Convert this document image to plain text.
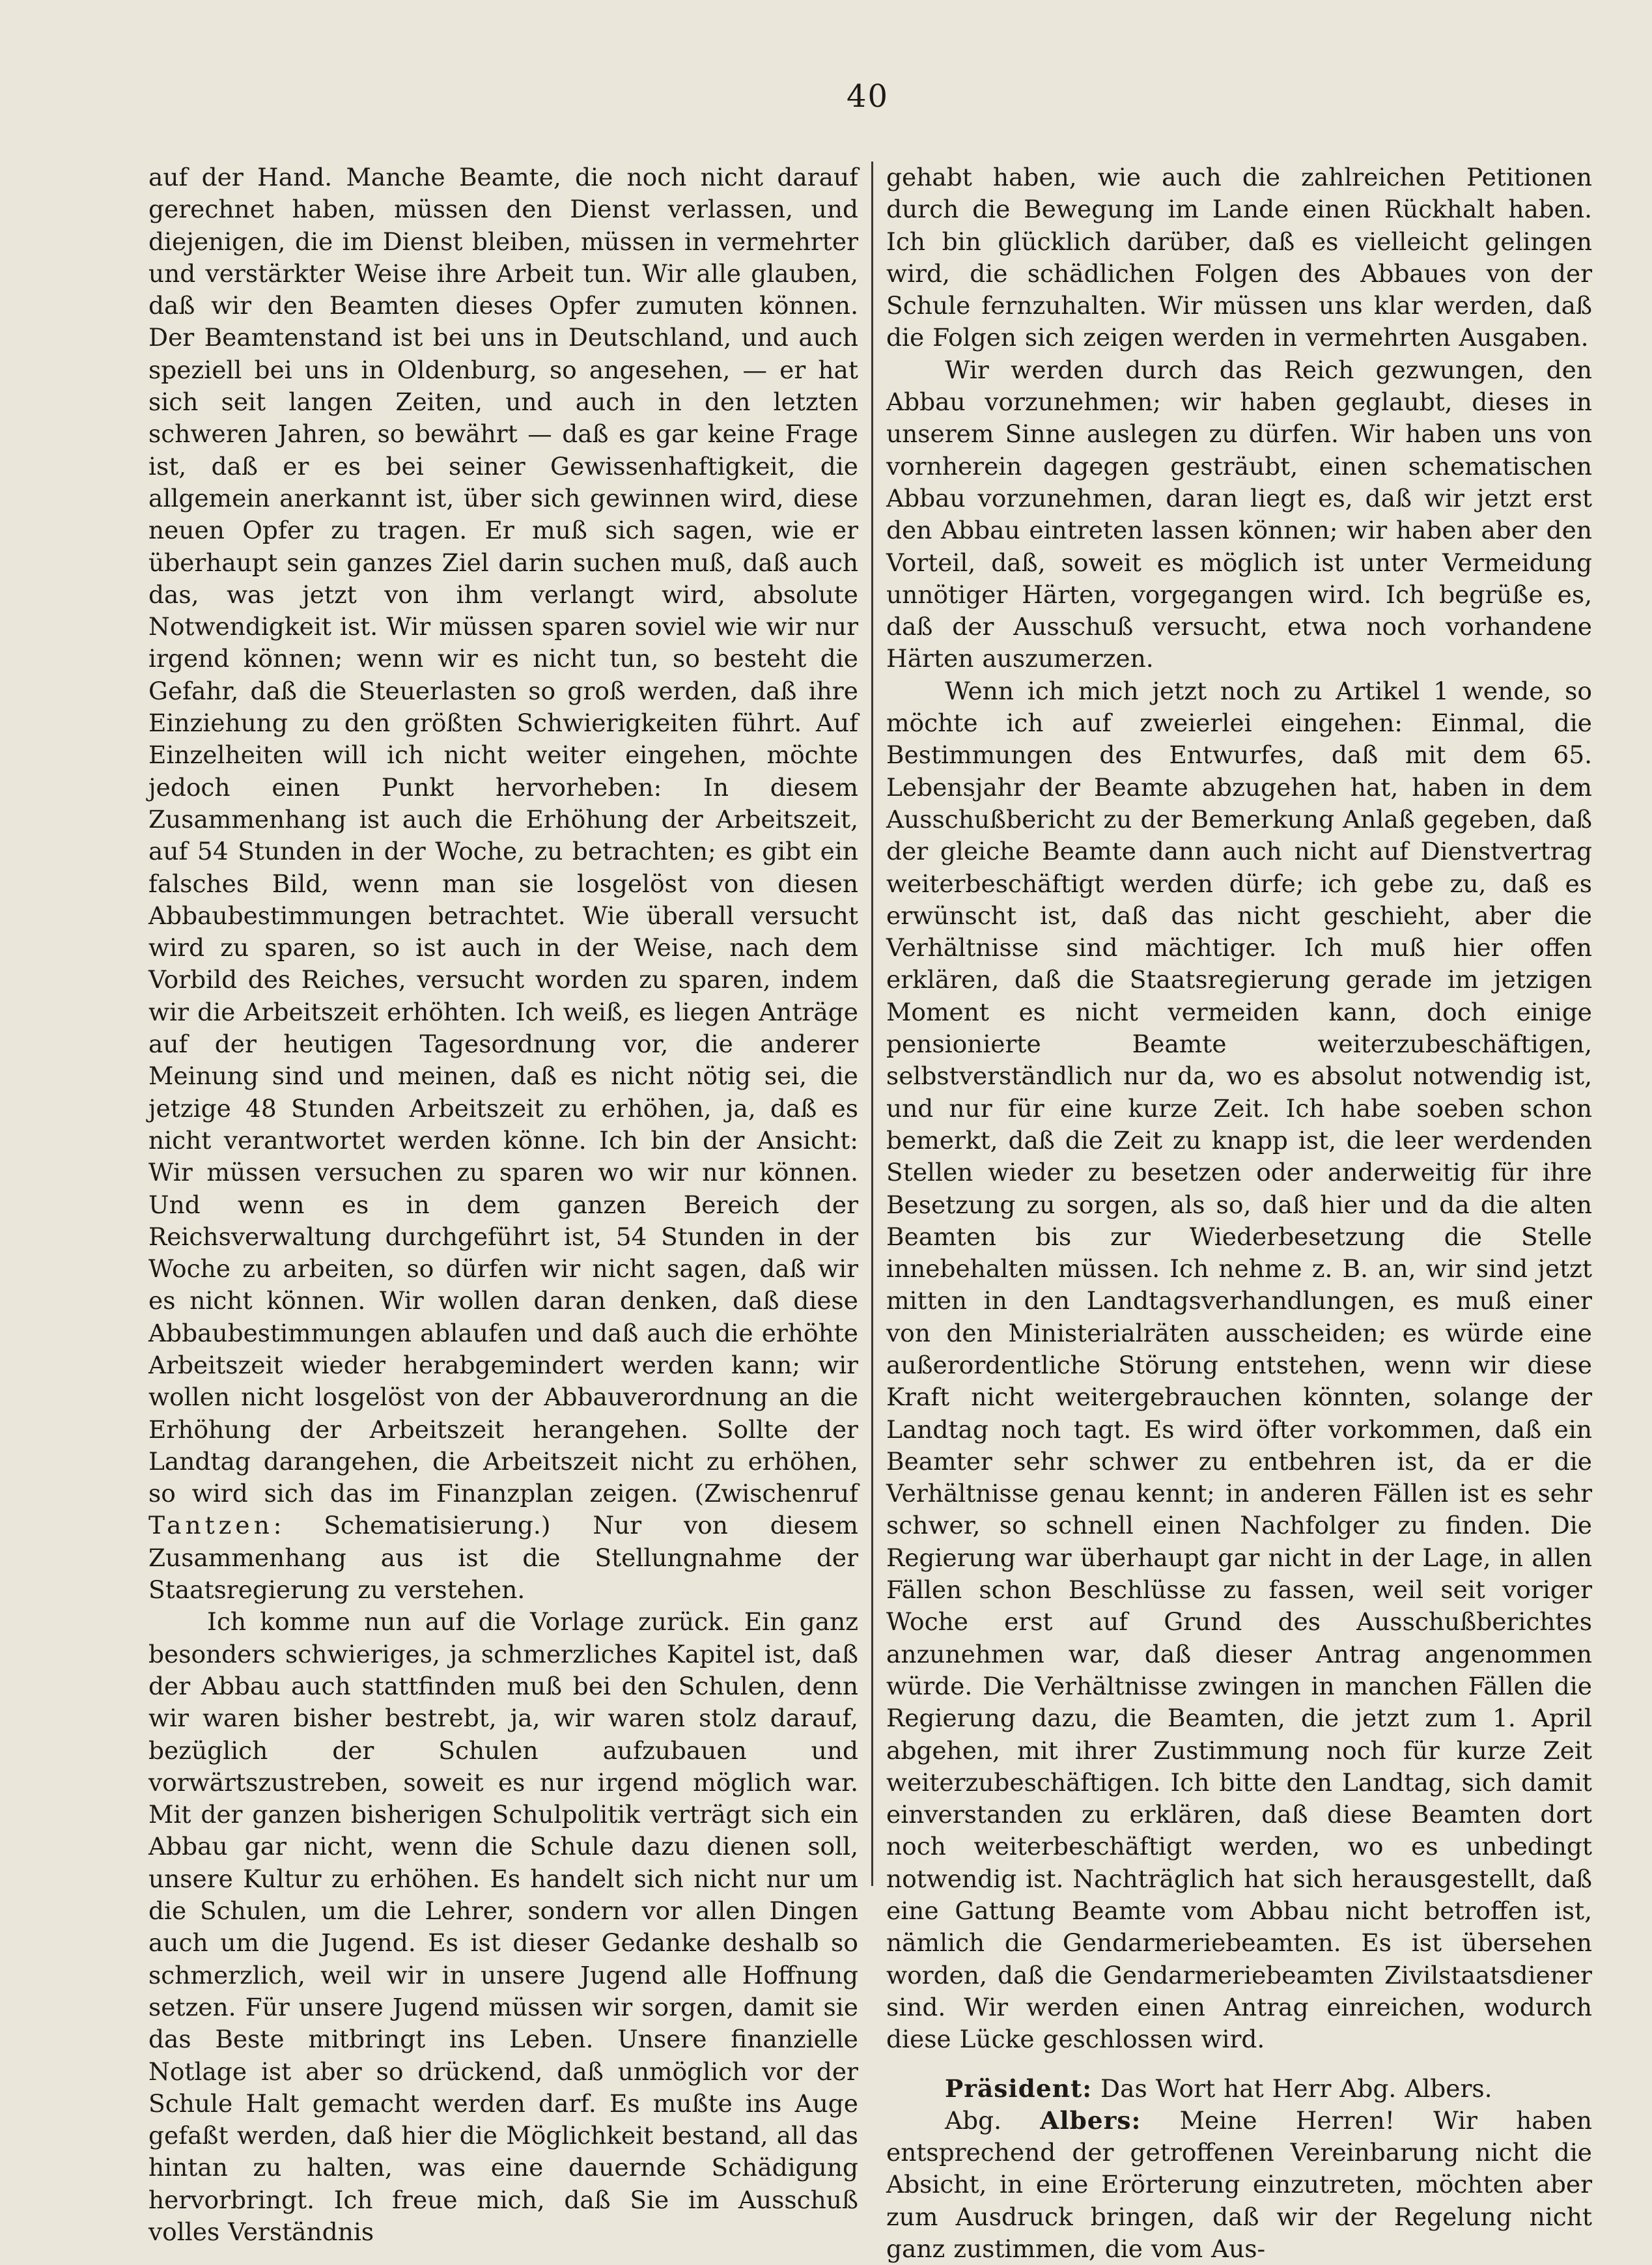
40

auf der Hand. Manche Beamte, die noch nicht darauf gerechnet haben, müssen den Dienst verlassen, und diejenigen, die im Dienst bleiben, müssen in vermehrter und verstärkter Weise ihre Arbeit tun. Wir alle glauben, daß wir den Beamten dieses Opfer zumuten können. Der Beamtenstand ist bei uns in Deutschland, und auch speziell bei uns in Oldenburg, so angesehen, — er hat sich seit langen Zeiten, und auch in den letzten schweren Jahren, so bewährt — daß es gar keine Frage ist, daß er es bei seiner Gewissenhaftigkeit, die allgemein anerkannt ist, über sich gewinnen wird, diese neuen Opfer zu tragen. Er muß sich sagen, wie er überhaupt sein ganzes Ziel darin suchen muß, daß auch das, was jetzt von ihm verlangt wird, absolute Notwendigkeit ist. Wir müssen sparen soviel wie wir nur irgend können; wenn wir es nicht tun, so besteht die Gefahr, daß die Steuerlasten so groß werden, daß ihre Einziehung zu den größten Schwierigkeiten führt. Auf Einzelheiten will ich nicht weiter eingehen, möchte jedoch einen Punkt hervorheben: In diesem Zusammenhang ist auch die Erhöhung der Arbeitszeit, auf 54 Stunden in der Woche, zu betrachten; es gibt ein falsches Bild, wenn man sie losgelöst von diesen Abbaubestimmungen betrachtet. Wie überall versucht wird zu sparen, so ist auch in der Weise, nach dem Vorbild des Reiches, versucht worden zu sparen, indem wir die Arbeitszeit erhöhten. Ich weiß, es liegen Anträge auf der heutigen Tagesordnung vor, die anderer Meinung sind und meinen, daß es nicht nötig sei, die jetzige 48 Stunden Arbeitszeit zu erhöhen, ja, daß es nicht verantwortet werden könne. Ich bin der Ansicht: Wir müssen versuchen zu sparen wo wir nur können. Und wenn es in dem ganzen Bereich der Reichsverwaltung durchgeführt ist, 54 Stunden in der Woche zu arbeiten, so dürfen wir nicht sagen, daß wir es nicht können. Wir wollen daran denken, daß diese Abbaubestimmungen ablaufen und daß auch die erhöhte Arbeitszeit wieder herabgemindert werden kann; wir wollen nicht losgelöst von der Abbauverordnung an die Erhöhung der Arbeitszeit herangehen. Sollte der Landtag darangehen, die Arbeitszeit nicht zu erhöhen, so wird sich das im Finanzplan zeigen. (Zwischenruf Tantzen: Schematisierung.) Nur von diesem Zusammenhang aus ist die Stellungnahme der Staatsregierung zu verstehen.

Ich komme nun auf die Vorlage zurück. Ein ganz besonders schwieriges, ja schmerzliches Kapitel ist, daß der Abbau auch stattfinden muß bei den Schulen, denn wir waren bisher bestrebt, ja, wir waren stolz darauf, bezüglich der Schulen aufzubauen und vorwärtszustreben, soweit es nur irgend möglich war. Mit der ganzen bisherigen Schulpolitik verträgt sich ein Abbau gar nicht, wenn die Schule dazu dienen soll, unsere Kultur zu erhöhen. Es handelt sich nicht nur um die Schulen, um die Lehrer, sondern vor allen Dingen auch um die Jugend. Es ist dieser Gedanke deshalb so schmerzlich, weil wir in unsere Jugend alle Hoffnung setzen. Für unsere Jugend müssen wir sorgen, damit sie das Beste mitbringt ins Leben. Unsere finanzielle Notlage ist aber so drückend, daß unmöglich vor der Schule Halt gemacht werden darf. Es mußte ins Auge gefaßt werden, daß hier die Möglichkeit bestand, all das hintan zu halten, was eine dauernde Schädigung hervorbringt. Ich freue mich, daß Sie im Ausschuß volles Verständnis

gehabt haben, wie auch die zahlreichen Petitionen durch die Bewegung im Lande einen Rückhalt haben. Ich bin glücklich darüber, daß es vielleicht gelingen wird, die schädlichen Folgen des Abbaues von der Schule fernzuhalten. Wir müssen uns klar werden, daß die Folgen sich zeigen werden in vermehrten Ausgaben.

Wir werden durch das Reich gezwungen, den Abbau vorzunehmen; wir haben geglaubt, dieses in unserem Sinne auslegen zu dürfen. Wir haben uns von vornherein dagegen gesträubt, einen schematischen Abbau vorzunehmen, daran liegt es, daß wir jetzt erst den Abbau eintreten lassen können; wir haben aber den Vorteil, daß, soweit es möglich ist unter Vermeidung unnötiger Härten, vorgegangen wird. Ich begrüße es, daß der Ausschuß versucht, etwa noch vorhandene Härten auszumerzen.

Wenn ich mich jetzt noch zu Artikel 1 wende, so möchte ich auf zweierlei eingehen: Einmal, die Bestimmungen des Entwurfes, daß mit dem 65. Lebensjahr der Beamte abzugehen hat, haben in dem Ausschußbericht zu der Bemerkung Anlaß gegeben, daß der gleiche Beamte dann auch nicht auf Dienstvertrag weiterbeschäftigt werden dürfe; ich gebe zu, daß es erwünscht ist, daß das nicht geschieht, aber die Verhältnisse sind mächtiger. Ich muß hier offen erklären, daß die Staatsregierung gerade im jetzigen Moment es nicht vermeiden kann, doch einige pensionierte Beamte weiterzubeschäftigen, selbstverständlich nur da, wo es absolut notwendig ist, und nur für eine kurze Zeit. Ich habe soeben schon bemerkt, daß die Zeit zu knapp ist, die leer werdenden Stellen wieder zu besetzen oder anderweitig für ihre Besetzung zu sorgen, als so, daß hier und da die alten Beamten bis zur Wiederbesetzung die Stelle innebehalten müssen. Ich nehme z. B. an, wir sind jetzt mitten in den Landtagsverhandlungen, es muß einer von den Ministerialräten ausscheiden; es würde eine außerordentliche Störung entstehen, wenn wir diese Kraft nicht weitergebrauchen könnten, solange der Landtag noch tagt. Es wird öfter vorkommen, daß ein Beamter sehr schwer zu entbehren ist, da er die Verhältnisse genau kennt; in anderen Fällen ist es sehr schwer, so schnell einen Nachfolger zu finden. Die Regierung war überhaupt gar nicht in der Lage, in allen Fällen schon Beschlüsse zu fassen, weil seit voriger Woche erst auf Grund des Ausschußberichtes anzunehmen war, daß dieser Antrag angenommen würde. Die Verhältnisse zwingen in manchen Fällen die Regierung dazu, die Beamten, die jetzt zum 1. April abgehen, mit ihrer Zustimmung noch für kurze Zeit weiterzubeschäftigen. Ich bitte den Landtag, sich damit einverstanden zu erklären, daß diese Beamten dort noch weiterbeschäftigt werden, wo es unbedingt notwendig ist. Nachträglich hat sich herausgestellt, daß eine Gattung Beamte vom Abbau nicht betroffen ist, nämlich die Gendarmeriebeamten. Es ist übersehen worden, daß die Gendarmeriebeamten Zivilstaatsdiener sind. Wir werden einen Antrag einreichen, wodurch diese Lücke geschlossen wird.

Präsident: Das Wort hat Herr Abg. Albers.

Abg. Albers: Meine Herren! Wir haben entsprechend der getroffenen Vereinbarung nicht die Absicht, in eine Erörterung einzutreten, möchten aber zum Ausdruck bringen, daß wir der Regelung nicht ganz zustimmen, die vom Aus-
